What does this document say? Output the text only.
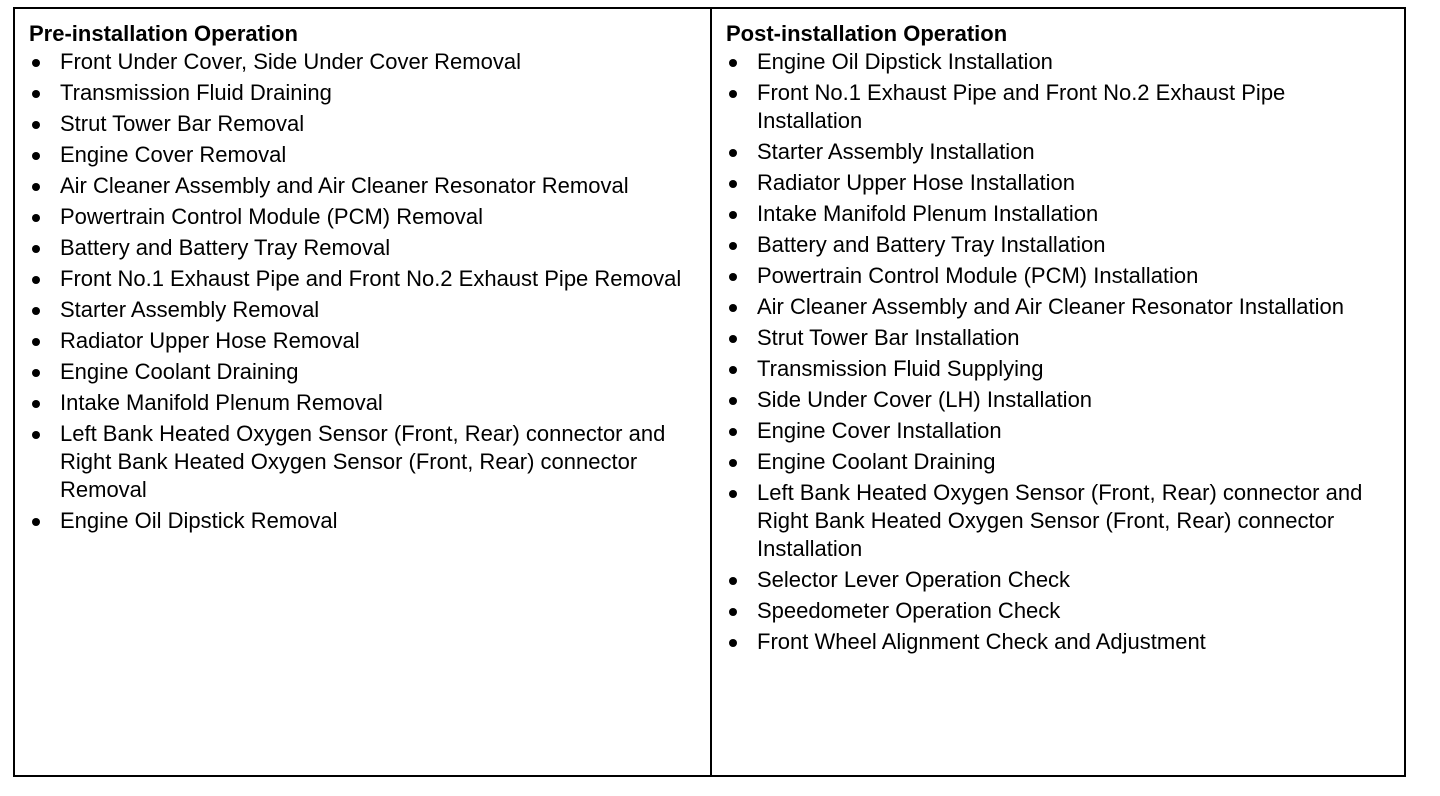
Pre-installation Operation
Front Under Cover, Side Under Cover Removal
Transmission Fluid Draining
Strut Tower Bar Removal
Engine Cover Removal
Air Cleaner Assembly and Air Cleaner Resonator Removal
Powertrain Control Module (PCM) Removal
Battery and Battery Tray Removal
Front No.1 Exhaust Pipe and Front No.2 Exhaust Pipe Removal
Starter Assembly Removal
Radiator Upper Hose Removal
Engine Coolant Draining
Intake Manifold Plenum Removal
Left Bank Heated Oxygen Sensor (Front, Rear) connector and Right Bank Heated Oxygen Sensor (Front, Rear) connector Removal
Engine Oil Dipstick Removal
Post-installation Operation
Engine Oil Dipstick Installation
Front No.1 Exhaust Pipe and Front No.2 Exhaust Pipe Installation
Starter Assembly Installation
Radiator Upper Hose Installation
Intake Manifold Plenum Installation
Battery and Battery Tray Installation
Powertrain Control Module (PCM) Installation
Air Cleaner Assembly and Air Cleaner Resonator Installation
Strut Tower Bar Installation
Transmission Fluid Supplying
Side Under Cover (LH) Installation
Engine Cover Installation
Engine Coolant Draining
Left Bank Heated Oxygen Sensor (Front, Rear) connector and Right Bank Heated Oxygen Sensor (Front, Rear) connector Installation
Selector Lever Operation Check
Speedometer Operation Check
Front Wheel Alignment Check and Adjustment
